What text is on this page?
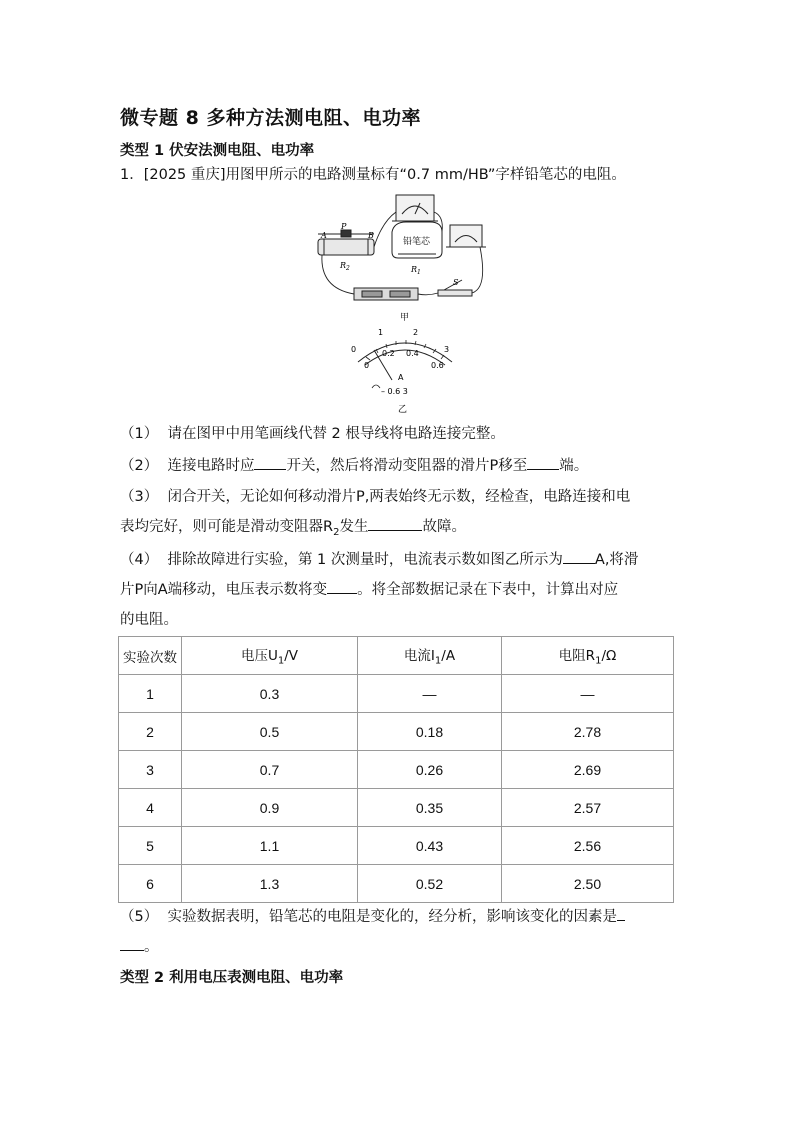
微专题 8 多种方法测电阻、电功率
类型 1 伏安法测电阻、电功率
1．[2025 重庆]用图甲所示的电路测量标有“0.7 mm/HB”字样铅笔芯的电阻。
A
P
B
$R_2$
铅笔芯
$R_1$
S
甲
0
1	2
3
0
0.2 0.4
0.6
A
– 0.6 3
乙
（1） 请在图甲中用笔画线代替 2 根导线将电路连接完整。
（2） 连接电路时应 开关，然后将滑动变阻器的滑片P移至 端。
（3） 闭合开关，无论如何移动滑片P,两表始终无示数，经检查，电路连接和电
表均完好，则可能是滑动变阻器$R_2$发生	故障。
（4） 排除故障进行实验，第 1 次测量时，电流表示数如图乙所示为 A,将滑
片P向A端移动，电压表示数将变 。将全部数据记录在下表中，计算出对应
的电阻。
实验次数	电压$U_1/V$	电流$I_1/A$	电阻$R_1/\Omega$
1	0.3	—	—
2	0.5	0.18	2.78
3	0.7	0.26	2.69
4	0.9	0.35	2.57
5	1.1	0.43	2.56
6	1.3	0.52	2.50
（5） 实验数据表明，铅笔芯的电阻是变化的，经分析，影响该变化的因素是
。
类型 2 利用电压表测电阻、电功率
